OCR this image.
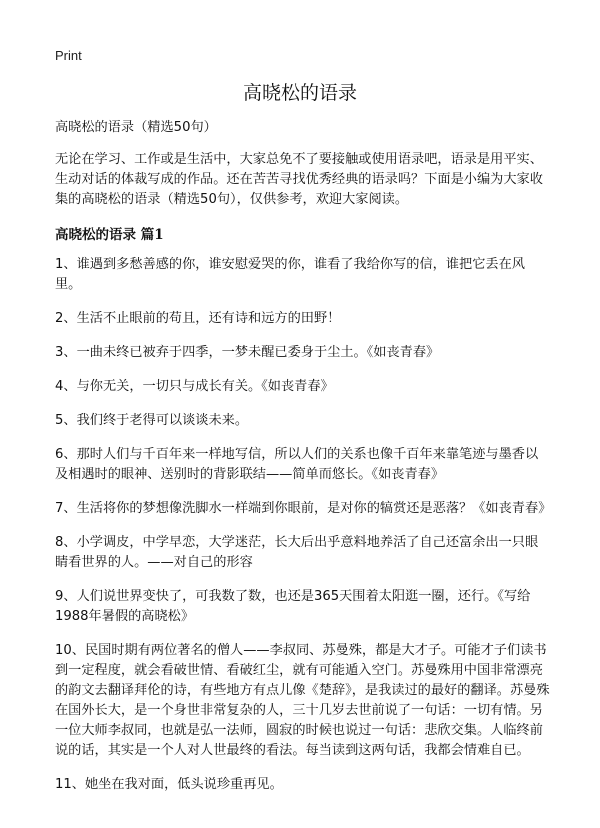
Print
高晓松的语录

高晓松的语录（精选50句）

无论在学习、工作或是生活中，大家总免不了要接触或使用语录吧，语录是用平实、生动对话的体裁写成的作品。还在苦苦寻找优秀经典的语录吗？下面是小编为大家收集的高晓松的语录（精选50句），仅供参考，欢迎大家阅读。

高晓松的语录 篇1

1、谁遇到多愁善感的你，谁安慰爱哭的你，谁看了我给你写的信，谁把它丢在风里。

2、生活不止眼前的苟且，还有诗和远方的田野！

3、一曲未终已被弃于四季，一梦未醒已委身于尘土。《如丧青春》

4、与你无关，一切只与成长有关。《如丧青春》

5、我们终于老得可以谈谈未来。

6、那时人们与千百年来一样地写信，所以人们的关系也像千百年来靠笔迹与墨香以及相遇时的眼神、送别时的背影联结——简单而悠长。《如丧青春》

7、生活将你的梦想像洗脚水一样端到你眼前，是对你的犒赏还是恶落？《如丧青春》

8、小学调皮，中学早恋，大学迷茫，长大后出乎意料地养活了自己还富余出一只眼睛看世界的人。——对自己的形容

9、人们说世界变快了，可我数了数，也还是365天围着太阳逛一圈，还行。《写给1988年暑假的高晓松》

10、民国时期有两位著名的僧人——李叔同、苏曼殊，都是大才子。可能才子们读书到一定程度，就会看破世情、看破红尘，就有可能遁入空门。苏曼殊用中国非常漂亮的韵文去翻译拜伦的诗，有些地方有点儿像《楚辞》，是我读过的最好的翻译。苏曼殊在国外长大，是一个身世非常复杂的人，三十几岁去世前说了一句话：一切有情。另一位大师李叔同，也就是弘一法师，圆寂的时候也说过一句话：悲欣交集。人临终前说的话，其实是一个人对人世最终的看法。每当读到这两句话，我都会情难自已。

11、她坐在我对面，低头说珍重再见。
